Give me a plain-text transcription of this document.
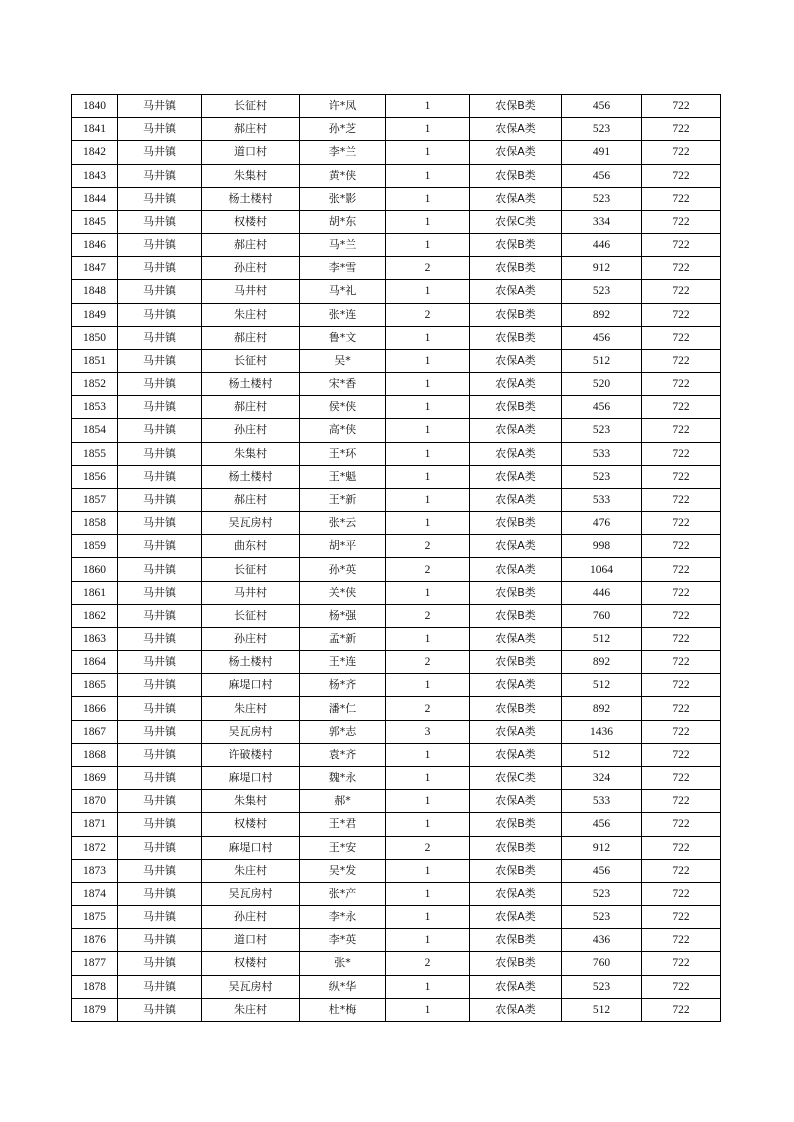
1840	马井镇	长征村	许*凤	1	农保B类	456	722
1841	马井镇	郝庄村	孙*芝	1	农保A类	523	722
1842	马井镇	道口村	李*兰	1	农保A类	491	722
1843	马井镇	朱集村	黄*侠	1	农保B类	456	722
1844	马井镇	杨土楼村	张*影	1	农保A类	523	722
1845	马井镇	权楼村	胡*东	1	农保C类	334	722
1846	马井镇	郝庄村	马*兰	1	农保B类	446	722
1847	马井镇	孙庄村	李*雪	2	农保B类	912	722
1848	马井镇	马井村	马*礼	1	农保A类	523	722
1849	马井镇	朱庄村	张*连	2	农保B类	892	722
1850	马井镇	郝庄村	鲁*文	1	农保B类	456	722
1851	马井镇	长征村	吴*	1	农保A类	512	722
1852	马井镇	杨土楼村	宋*香	1	农保A类	520	722
1853	马井镇	郝庄村	侯*侠	1	农保B类	456	722
1854	马井镇	孙庄村	高*侠	1	农保A类	523	722
1855	马井镇	朱集村	王*环	1	农保A类	533	722
1856	马井镇	杨土楼村	王*魁	1	农保A类	523	722
1857	马井镇	郝庄村	王*新	1	农保A类	533	722
1858	马井镇	吴瓦房村	张*云	1	农保B类	476	722
1859	马井镇	曲东村	胡*平	2	农保A类	998	722
1860	马井镇	长征村	孙*英	2	农保A类	1064	722
1861	马井镇	马井村	关*侠	1	农保B类	446	722
1862	马井镇	长征村	杨*强	2	农保B类	760	722
1863	马井镇	孙庄村	孟*新	1	农保A类	512	722
1864	马井镇	杨土楼村	王*连	2	农保B类	892	722
1865	马井镇	麻堤口村	杨*齐	1	农保A类	512	722
1866	马井镇	朱庄村	潘*仁	2	农保B类	892	722
1867	马井镇	吴瓦房村	郭*志	3	农保A类	1436	722
1868	马井镇	许破楼村	袁*齐	1	农保A类	512	722
1869	马井镇	麻堤口村	魏*永	1	农保C类	324	722
1870	马井镇	朱集村	郝*	1	农保A类	533	722
1871	马井镇	权楼村	王*君	1	农保B类	456	722
1872	马井镇	麻堤口村	王*安	2	农保B类	912	722
1873	马井镇	朱庄村	吴*发	1	农保B类	456	722
1874	马井镇	吴瓦房村	张*产	1	农保A类	523	722
1875	马井镇	孙庄村	李*永	1	农保A类	523	722
1876	马井镇	道口村	李*英	1	农保B类	436	722
1877	马井镇	权楼村	张*	2	农保B类	760	722
1878	马井镇	吴瓦房村	纵*华	1	农保A类	523	722
1879	马井镇	朱庄村	杜*梅	1	农保A类	512	722
